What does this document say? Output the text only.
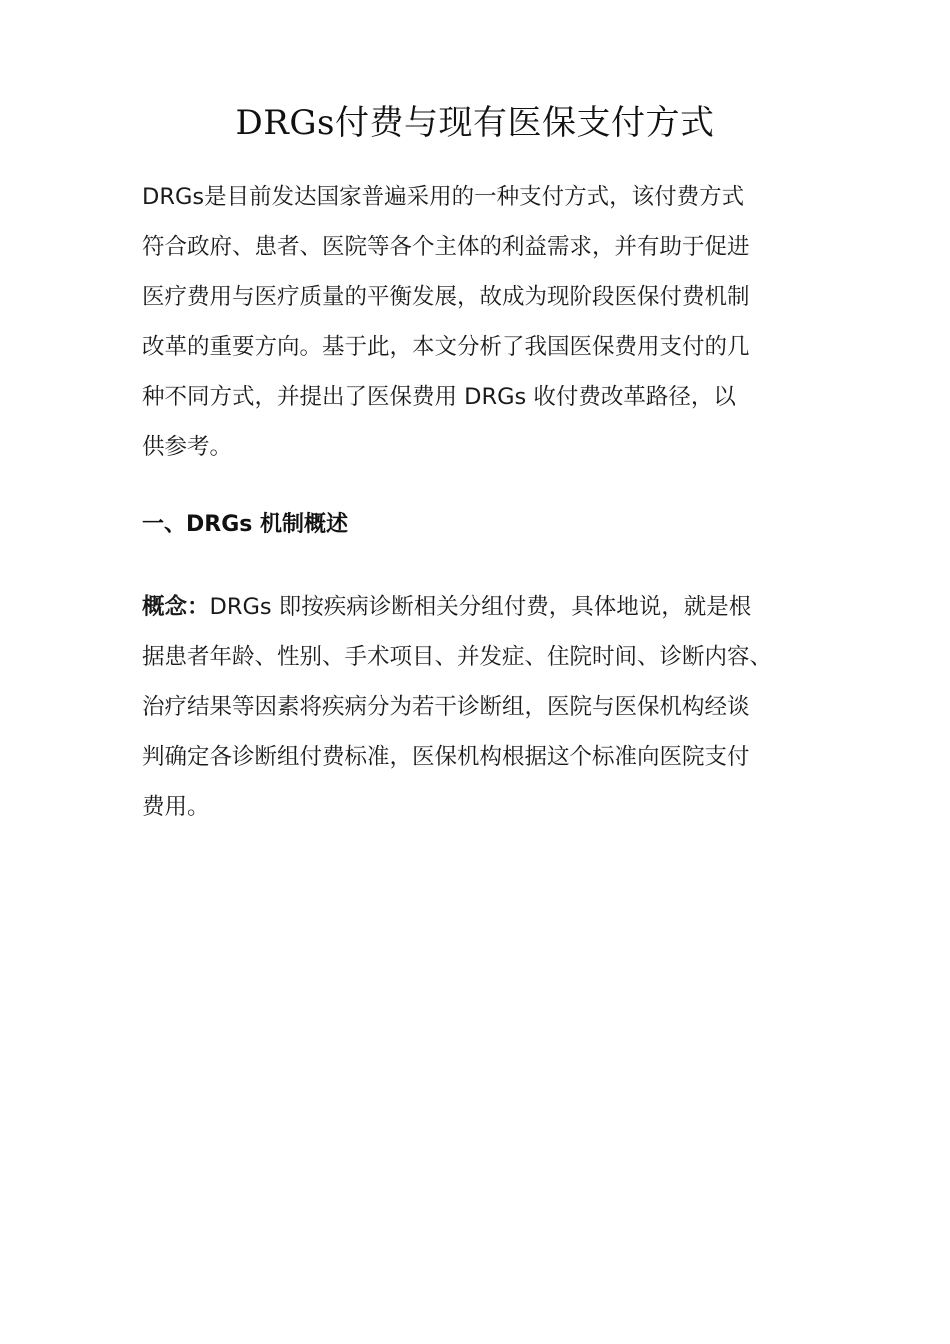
DRGs付费与现有医保支付方式
DRGs是目前发达国家普遍采用的一种支付方式，该付费方式
符合政府、患者、医院等各个主体的利益需求，并有助于促进
医疗费用与医疗质量的平衡发展，故成为现阶段医保付费机制
改革的重要方向。基于此，本文分析了我国医保费用支付的几
种不同方式，并提出了医保费用 DRGs 收付费改革路径，以
供参考。
一、DRGs 机制概述
概念：DRGs 即按疾病诊断相关分组付费，具体地说，就是根
据患者年龄、性别、手术项目、并发症、住院时间、诊断内容、
治疗结果等因素将疾病分为若干诊断组，医院与医保机构经谈
判确定各诊断组付费标准，医保机构根据这个标准向医院支付
费用。
